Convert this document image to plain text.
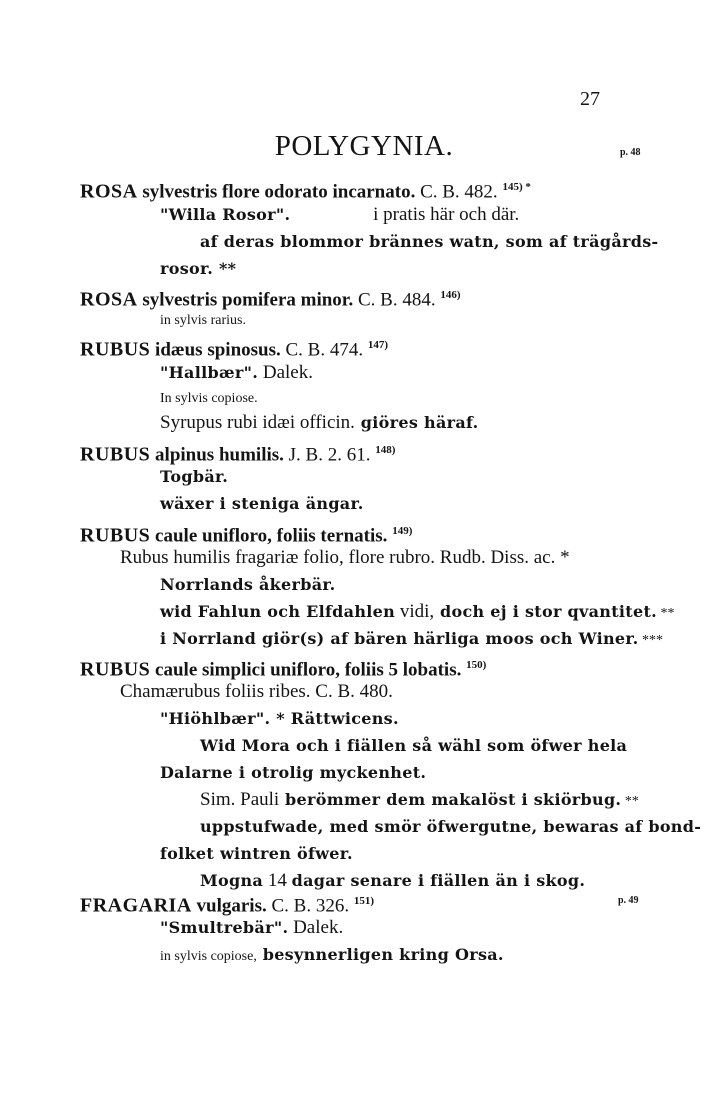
27
POLYGYNIA.	p. 48
p. 49
ROSA sylvestris flore odorato incarnato. C. B. 482. $^{145) *}$
"Willa Rosor".	i pratis här och där.
af deras blommor brännes watn, som af trägårds-
rosor. **
ROSA sylvestris pomifera minor. C. B. 484. $^{146)}$
in sylvis rarius.
RUBUS idæus spinosus. C. B. 474. $^{147)}$
"Hallbær". Dalek.
In sylvis copiose.
Syrupus rubi idæi officin. giöres häraf.
RUBUS alpinus humilis. J. B. 2. 61. $^{148)}$
Togbär.
wäxer i steniga ängar.
RUBUS caule unifloro, foliis ternatis. $^{149)}$
Rubus humilis fragariæ folio, flore rubro. Rudb. Diss. ac. *
Norrlands åkerbär.
wid Fahlun och Elfdahlen vidi, doch ej i stor qvantitet. **
i Norrland giör(s) af bären härliga moos och Winer. ***
RUBUS caule simplici unifloro, foliis 5 lobatis. $^{150)}$
Chamærubus foliis ribes. C. B. 480.
"Hiöhlbær". * Rättwicens.
Wid Mora och i fiällen så wähl som öfwer hela
Dalarne i otrolig myckenhet.
Sim. Pauli berömmer dem makalöst i skiörbug. **
uppstufwade, med smör öfwergutne, bewaras af bond-
folket wintren öfwer.
Mogna 14 dagar senare i fiällen än i skog.
FRAGARIA vulgaris. C. B. 326. $^{151)}$
"Smultrebär". Dalek.
in sylvis copiose, besynnerligen kring Orsa.
